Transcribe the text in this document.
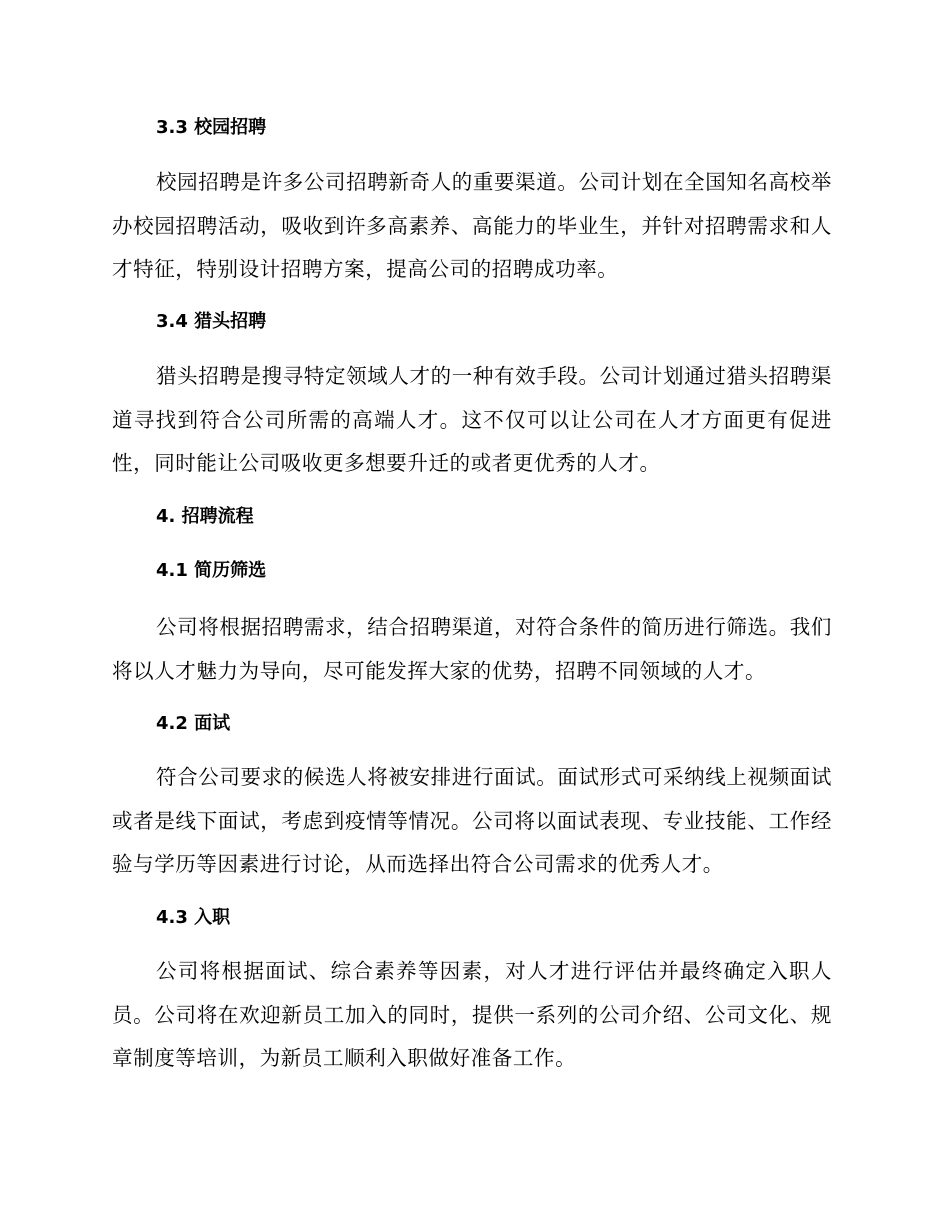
3.3 校园招聘
校园招聘是许多公司招聘新奇人的重要渠道。公司计划在全国知名高校举办校园招聘活动，吸收到许多高素养、高能力的毕业生，并针对招聘需求和人才特征，特别设计招聘方案，提高公司的招聘成功率。
3.4 猎头招聘
猎头招聘是搜寻特定领域人才的一种有效手段。公司计划通过猎头招聘渠道寻找到符合公司所需的高端人才。这不仅可以让公司在人才方面更有促进性，同时能让公司吸收更多想要升迁的或者更优秀的人才。
4. 招聘流程
4.1 简历筛选
公司将根据招聘需求，结合招聘渠道，对符合条件的简历进行筛选。我们将以人才魅力为导向，尽可能发挥大家的优势，招聘不同领域的人才。
4.2 面试
符合公司要求的候选人将被安排进行面试。面试形式可采纳线上视频面试或者是线下面试，考虑到疫情等情况。公司将以面试表现、专业技能、工作经验与学历等因素进行讨论，从而选择出符合公司需求的优秀人才。
4.3 入职
公司将根据面试、综合素养等因素，对人才进行评估并最终确定入职人员。公司将在欢迎新员工加入的同时，提供一系列的公司介绍、公司文化、规章制度等培训，为新员工顺利入职做好准备工作。
